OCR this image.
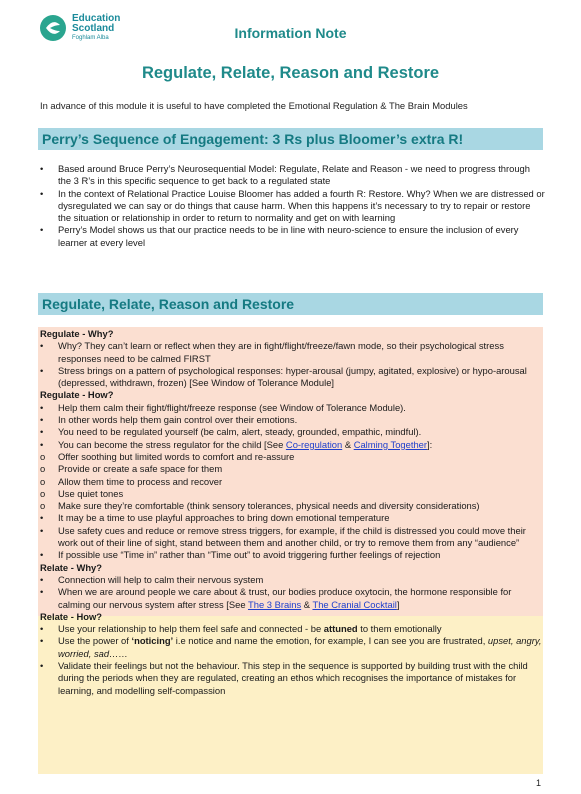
Education
Scotland
Foghlam Alba	Information Note
Regulate, Relate, Reason and Restore
In advance of this module it is useful to have completed the Emotional Regulation & The Brain Modules
Perry’s Sequence of Engagement: 3 Rs plus Bloomer’s extra R!
•	Based around Bruce Perry’s Neurosequential Model: Regulate, Relate and Reason - we need to progress through the 3 R’s in this specific sequence to get back to a regulated state
•	In the context of Relational Practice Louise Bloomer has added a fourth R: Restore. Why? When we are distressed or dysregulated we can say or do things that cause harm. When this happens it’s necessary to try to repair or restore the situation or relationship in order to return to normality and get on with learning
•	Perry’s Model shows us that our practice needs to be in line with neuro-science to ensure the inclusion of every learner at every level
Regulate, Relate, Reason and Restore
Regulate - Why?
•	Why? They can’t learn or reflect when they are in fight/flight/freeze/fawn mode, so their psychological stress responses need to be calmed FIRST
•	Stress brings on a pattern of psychological responses: hyper-arousal (jumpy, agitated, explosive) or hypo-arousal (depressed, withdrawn, frozen) [See Window of Tolerance Module]
Regulate - How?
•	Help them calm their fight/flight/freeze response (see Window of Tolerance Module).
•	In other words help them gain control over their emotions.
•	You need to be regulated yourself (be calm, alert, steady, grounded, empathic, mindful).
•	You can become the stress regulator for the child [See Co-regulation & Calming Together]:
o	Offer soothing but limited words to comfort and re-assure
o	Provide or create a safe space for them
o	Allow them time to process and recover
o	Use quiet tones
o	Make sure they’re comfortable (think sensory tolerances, physical needs and diversity considerations)
•	It may be a time to use playful approaches to bring down emotional temperature
•	Use safety cues and reduce or remove stress triggers, for example, if the child is distressed you could move their work out of their line of sight, stand between them and another child, or try to remove them from any “audience”
•	If possible use “Time in” rather than “Time out” to avoid triggering further feelings of rejection
Relate - Why?
•	Connection will help to calm their nervous system
•	When we are around people we care about & trust, our bodies produce oxytocin, the hormone responsible for calming our nervous system after stress [See The 3 Brains & The Cranial Cocktail]
Relate - How?
•	Use your relationship to help them feel safe and connected - be attuned to them emotionally
•	Use the power of ‘noticing’ i.e notice and name the emotion, for example, I can see you are frustrated, upset, angry, worried, sad……
•	Validate their feelings but not the behaviour. This step in the sequence is supported by building trust with the child during the periods when they are regulated, creating an ethos which recognises the importance of mistakes for learning, and modelling self-compassion
1
